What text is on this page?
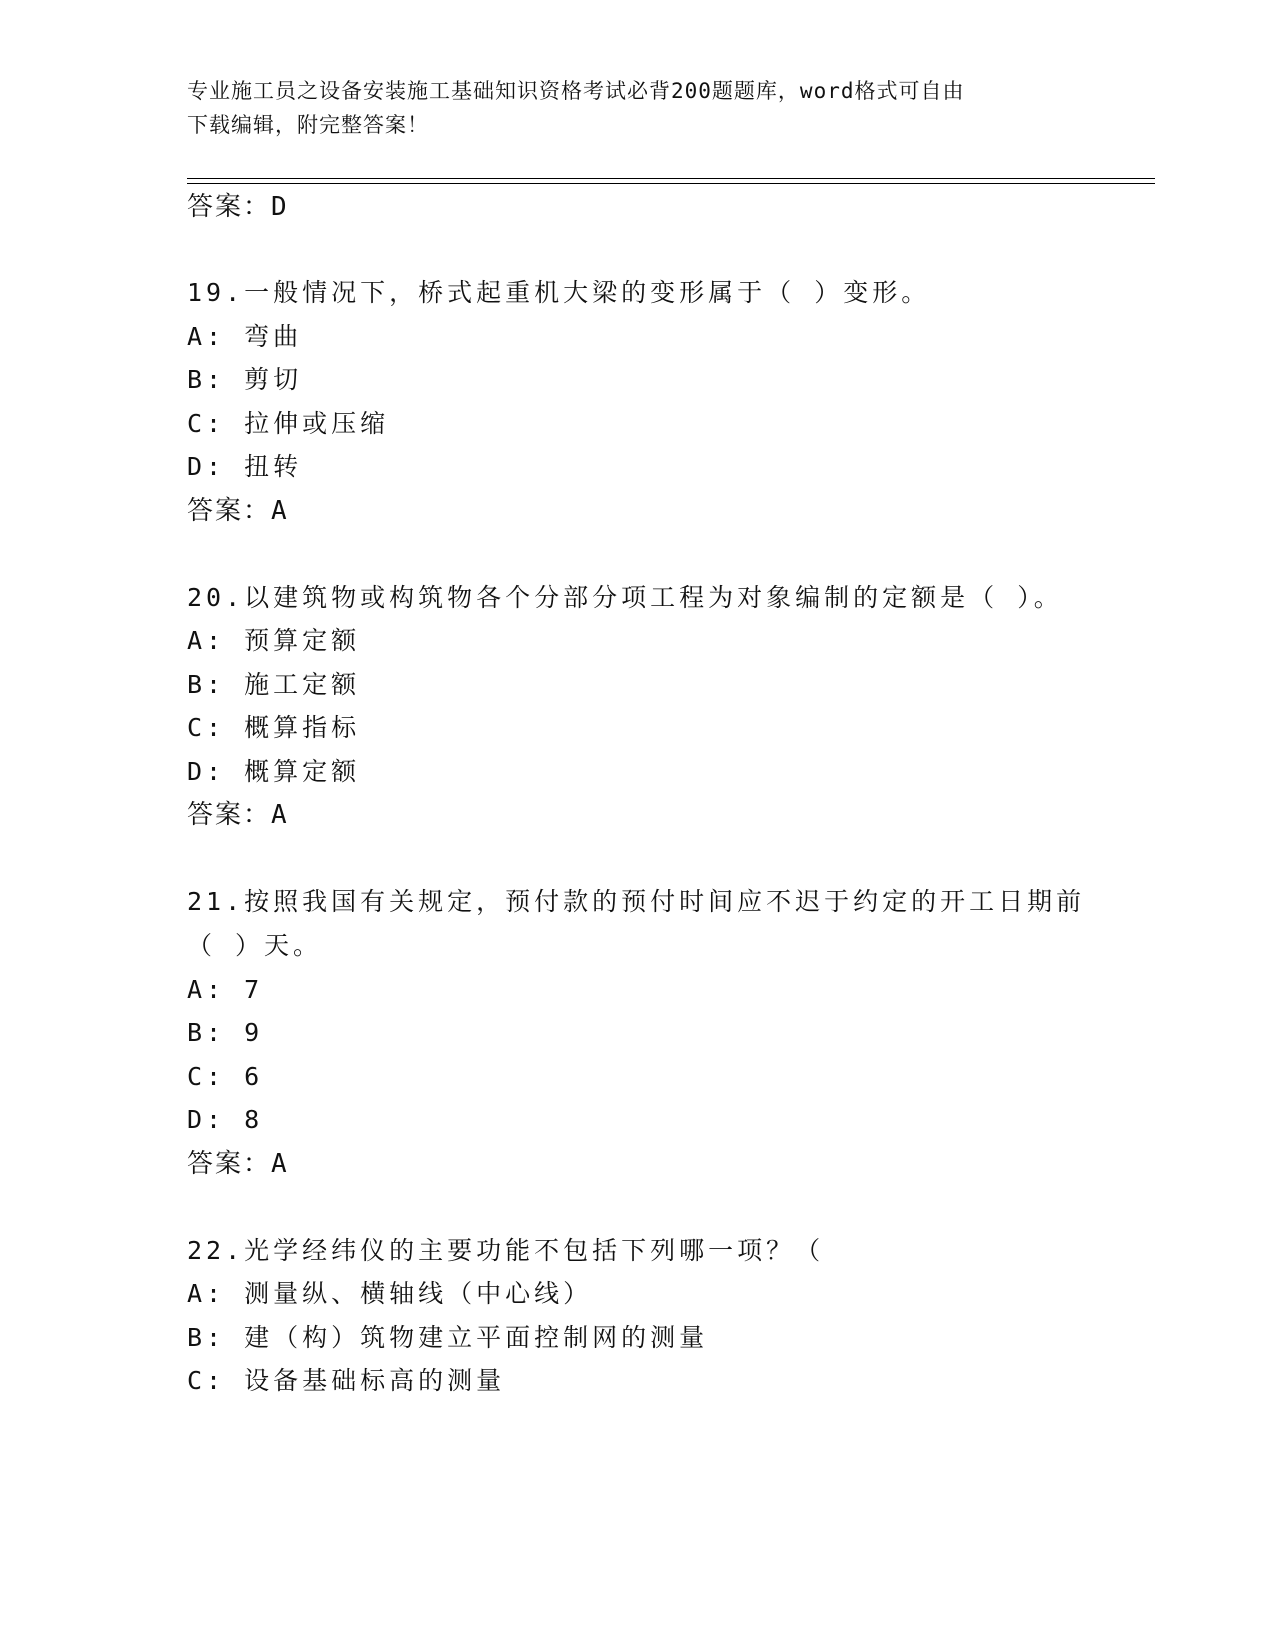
专业施工员之设备安装施工基础知识资格考试必背200题题库，word格式可自由
下载编辑，附完整答案！
答案：D
19.一般情况下，桥式起重机大梁的变形属于（ ）变形。
A: 弯曲
B: 剪切
C: 拉伸或压缩
D: 扭转
答案：A
20.以建筑物或构筑物各个分部分项工程为对象编制的定额是（ ）。
A: 预算定额
B: 施工定额
C: 概算指标
D: 概算定额
答案：A
21.按照我国有关规定，预付款的预付时间应不迟于约定的开工日期前
（ ）天。
A: 7
B: 9
C: 6
D: 8
答案：A
22.光学经纬仪的主要功能不包括下列哪一项？（
A: 测量纵、横轴线（中心线）
B: 建（构）筑物建立平面控制网的测量
C: 设备基础标高的测量
